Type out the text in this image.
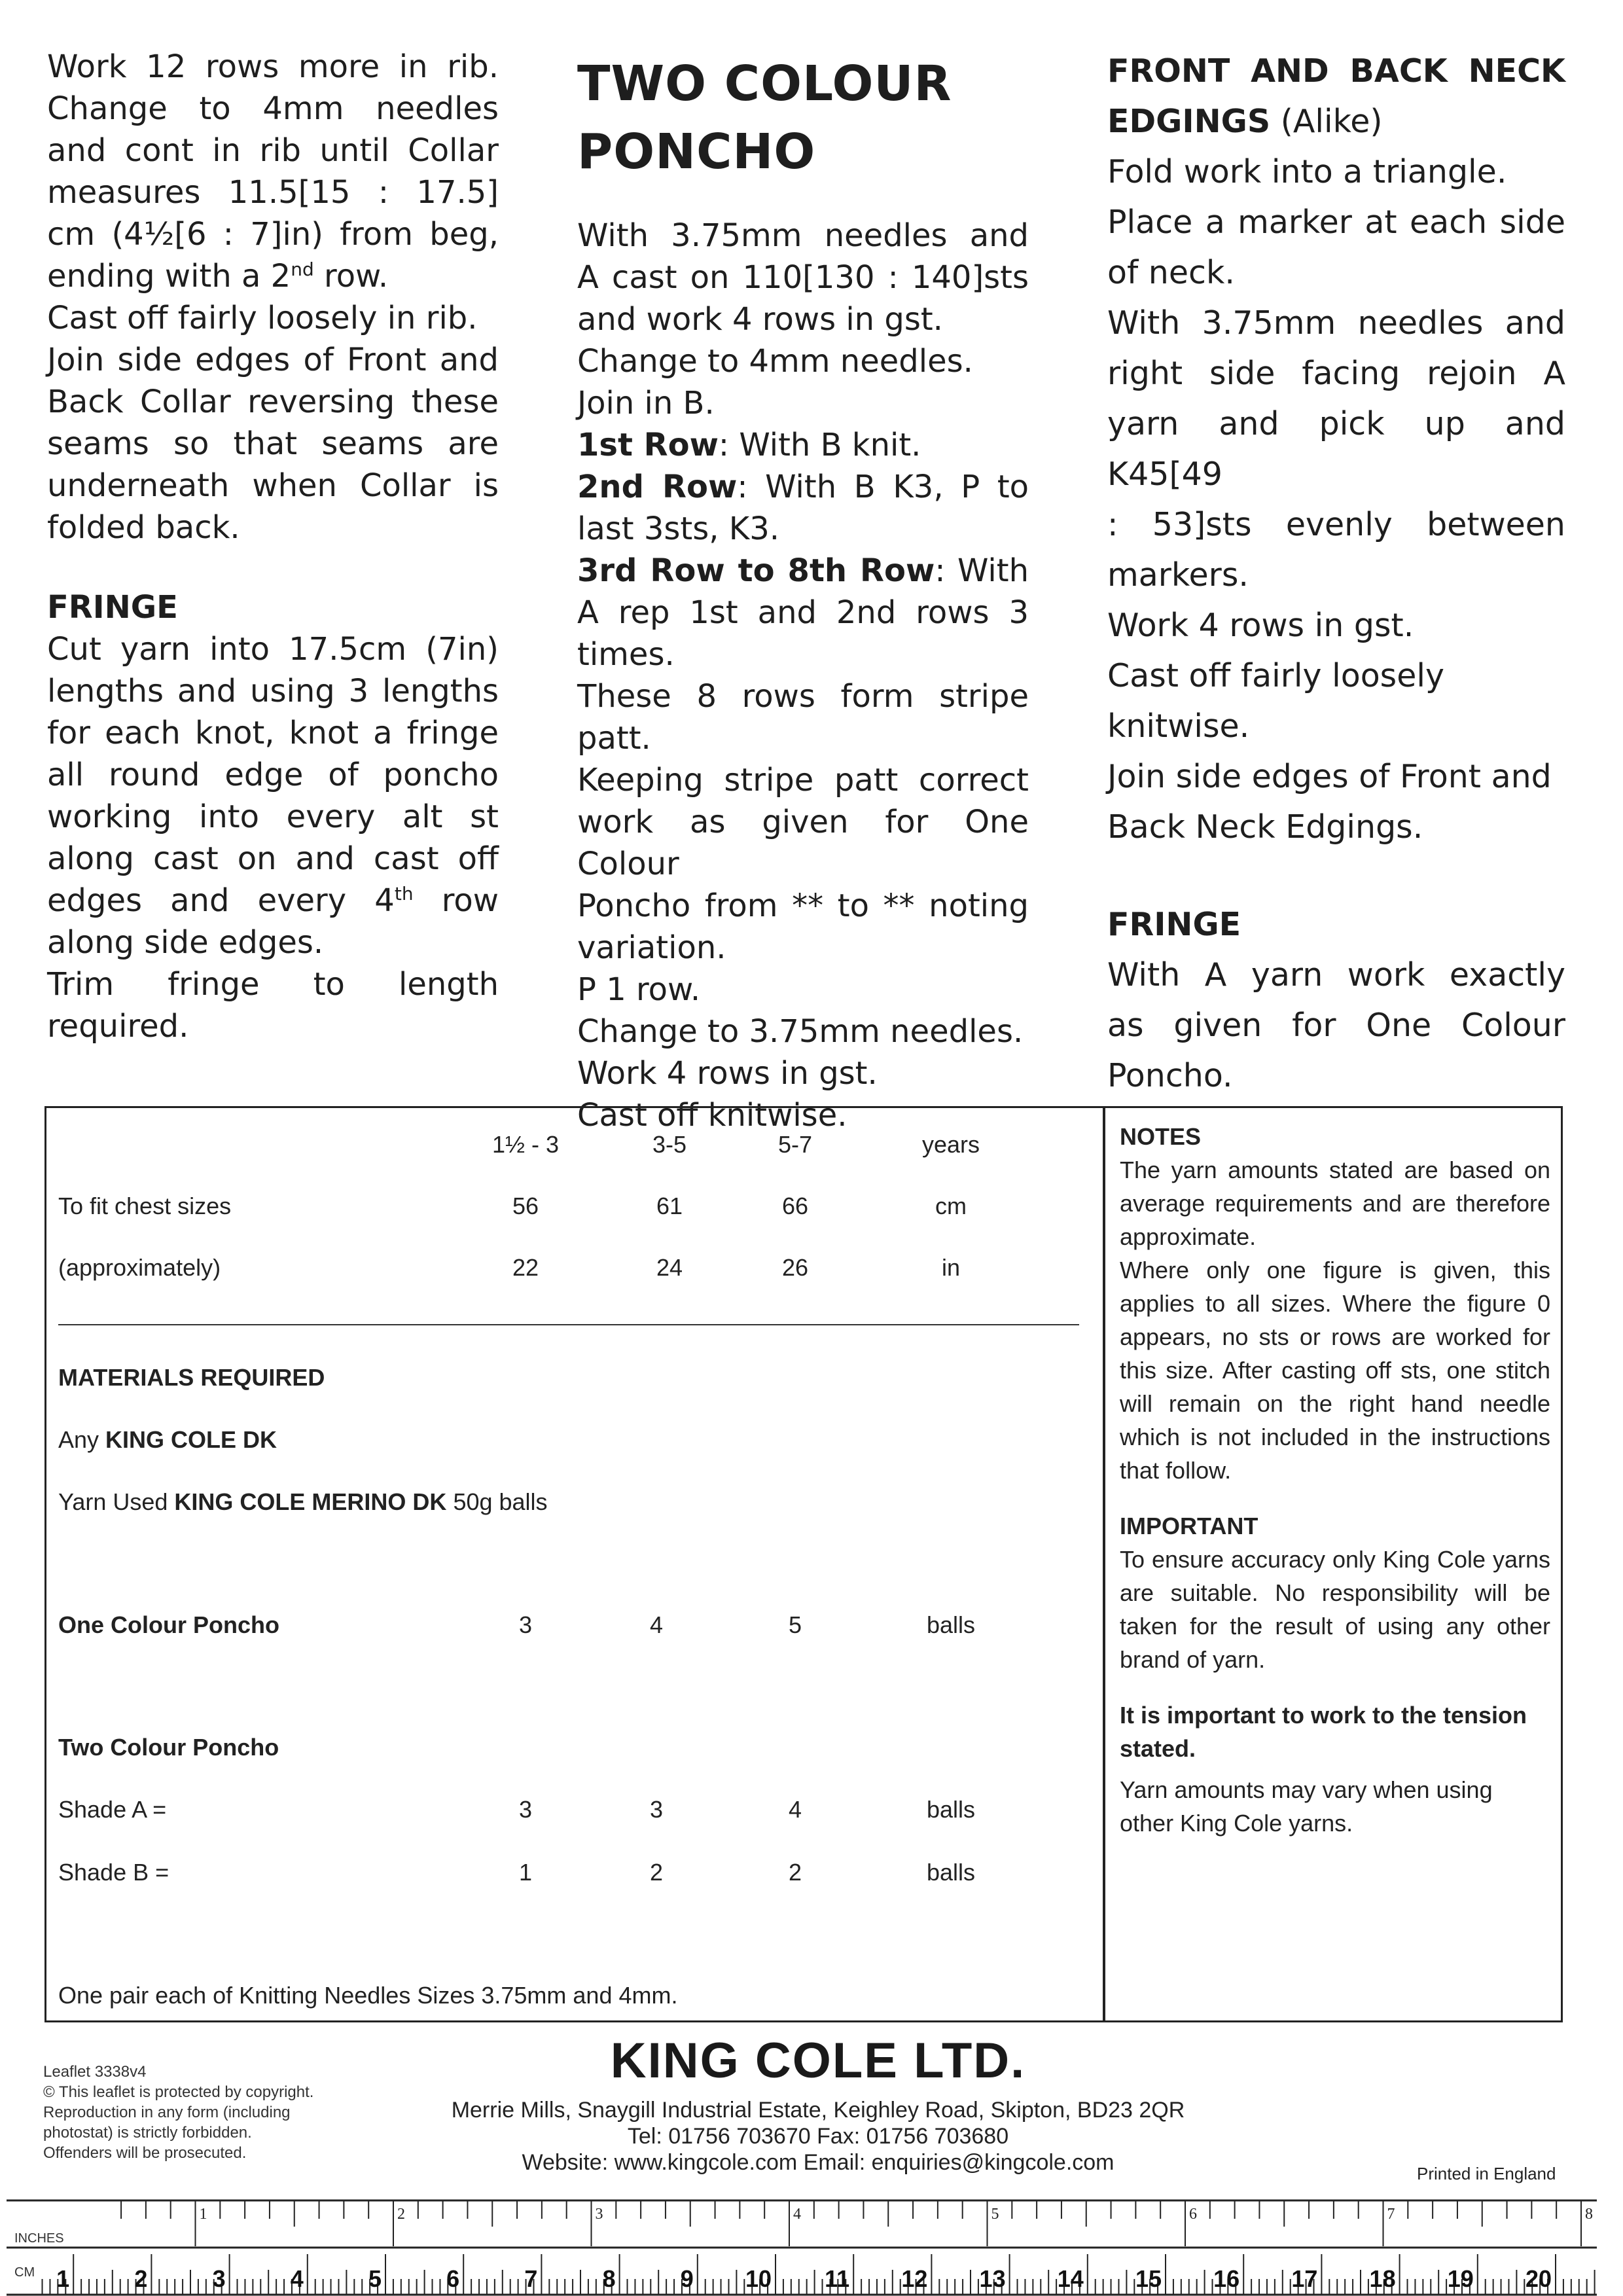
Work 12 rows more in rib.

Change to 4mm needles

and cont in rib until Collar

measures 11.5[15 : 17.5]

cm (4½[6 : 7]in) from beg,

ending with a 2nd row.

Cast off fairly loosely in rib.

Join side edges of Front and

Back Collar reversing these

seams so that seams are

underneath when Collar is

folded back.

FRINGE

Cut yarn into 17.5cm (7in)

lengths and using 3 lengths

for each knot, knot a fringe

all round edge of poncho

working into every alt st

along cast on and cast off

edges and every 4th row

along side edges.

Trim fringe to length

required.

TWO COLOUR
PONCHO

With 3.75mm needles and

A cast on 110[130 : 140]sts

and work 4 rows in gst.

Change to 4mm needles.

Join in B.

1st Row: With B knit.

2nd Row: With B K3, P to

last 3sts, K3.

3rd Row to 8th Row: With

A rep 1st and 2nd rows 3

times.

These 8 rows form stripe patt.

Keeping stripe patt correct

work as given for One Colour

Poncho from ** to ** noting

variation.

P 1 row.

Change to 3.75mm needles.

Work 4 rows in gst.

Cast off knitwise.

FRONT AND BACK NECK

EDGINGS (Alike)

Fold work into a triangle.

Place a marker at each side

of neck.

With 3.75mm needles and

right side facing rejoin A

yarn and pick up and K45[49

: 53]sts evenly between

markers.

Work 4 rows in gst.

Cast off fairly loosely

knitwise.

Join side edges of Front and

Back Neck Edgings.

FRINGE

With A yarn work exactly

as given for One Colour

Poncho.

1½ - 3	3-5	5-7	years
To fit chest sizes	56	61	66	cm
(approximately)	22	24	26	in
MATERIALS REQUIRED
Any KING COLE DK
Yarn Used KING COLE MERINO DK 50g balls
One Colour Poncho	3	4	5	balls
Two Colour Poncho
Shade A =	3	3	4	balls
Shade B =	1	2	2	balls
One pair each of Knitting Needles Sizes 3.75mm and 4mm.

NOTES

The yarn amounts stated are based on average requirements and are therefore approximate.

Where only one figure is given, this applies to all sizes. Where the figure 0 appears, no sts or rows are worked for this size. After casting off sts, one stitch will remain on the right hand needle which is not included in the instructions that follow.

IMPORTANT

To ensure accuracy only King Cole yarns are suitable. No responsibility will be taken for the result of using any other brand of yarn.

It is important to work to the tension stated.

Yarn amounts may vary when using other King Cole yarns.

Leaflet 3338v4
© This leaflet is protected by copyright.
Reproduction in any form (including
photostat) is strictly forbidden.
Offenders will be prosecuted.
KING COLE LTD.
Merrie Mills, Snaygill Industrial Estate, Keighley Road, Skipton, BD23 2QR
Tel: 01756 703670 Fax: 01756 703680
Website: www.kingcole.com Email: enquiries@kingcole.com	Printed in England
INCHES
CM
1	2	3	4	5	6	7	8
1	2	3	4	5	6	7	8	9 10 11 12 13 14 15 16 17 18 19 20
